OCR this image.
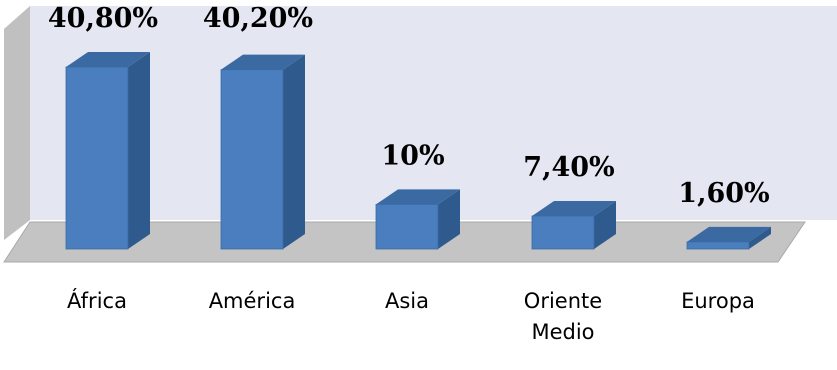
40,80% 40,20%
10%	7,40%
1,60%
África	América	Asia	Oriente Medio
Europa
